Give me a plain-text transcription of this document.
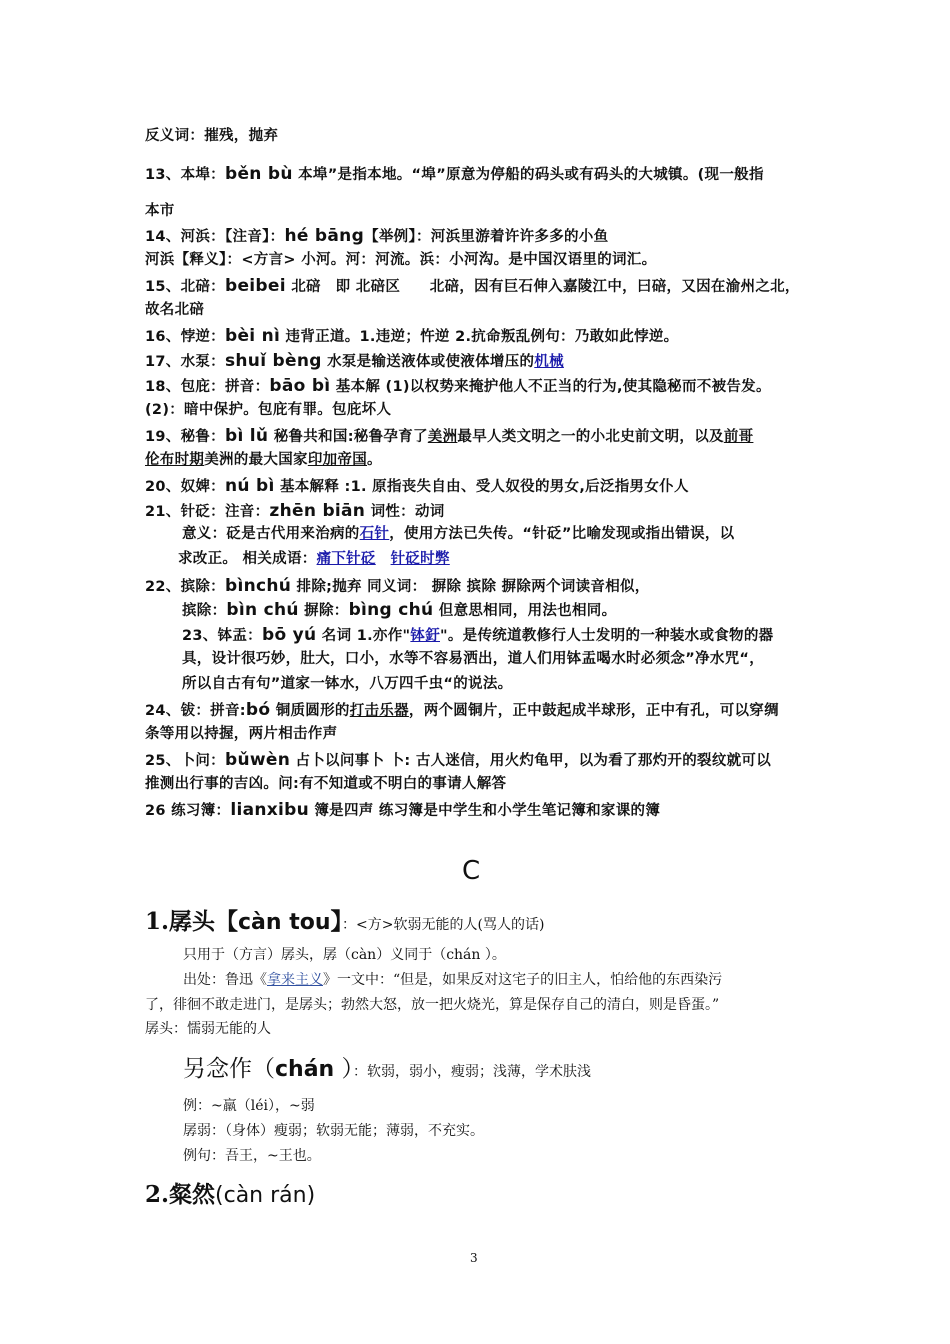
反义词：摧残，抛弃
13、本埠：běn bù 本埠”是指本地。“埠”原意为停船的码头或有码头的大城镇。(现一般指
本市
14、河浜：【注音】：hé bāng【举例】：河浜里游着许许多多的小鱼
河浜【释义】：<方言> 小河。河：河流。浜：小河沟。是中国汉语里的词汇。
15、北碚：beibei 北碚　即 北碚区　　北碚，因有巨石伸入嘉陵江中，曰碚，又因在渝州之北，
故名北碚
16、悖逆：bèi nì 违背正道。1.违逆；忤逆 2.抗命叛乱例句：乃敢如此悖逆。
17、水泵：shuǐ bèng 水泵是输送液体或使液体增压的机械
18、包庇：拼音：bāo bì 基本解 (1)以权势来掩护他人不正当的行为,使其隐秘而不被告发。
(2)：暗中保护。包庇有罪。包庇坏人
19、秘鲁：bì lǔ 秘鲁共和国:秘鲁孕育了美洲最早人类文明之一的小北史前文明，以及前哥
伦布时期美洲的最大国家印加帝国。
20、奴婢：nú bì 基本解释 :1. 原指丧失自由、受人奴役的男女,后泛指男女仆人
21、针砭：注音：zhēn biān 词性：动词
意义：砭是古代用来治病的石针，使用方法已失传。“针砭”比喻发现或指出错误，以
求改正。 相关成语：痛下针砭　 针砭时弊
22、摈除：bìnchú 排除;抛弃 同义词： 摒除 摈除 摒除两个词读音相似，
摈除：bìn chú 摒除：bìng chú 但意思相同，用法也相同。
23、钵盂：bō yú 名词 1.亦作"钵釪"。是传统道教修行人士发明的一种装水或食物的器
具，设计很巧妙，肚大，口小，水等不容易洒出，道人们用钵盂喝水时必须念”净水咒“，
所以自古有句”道家一钵水，八万四千虫“的说法。
24、钹：拼音:bó 铜质圆形的打击乐器，两个圆铜片，正中鼓起成半球形，正中有孔，可以穿绸
条等用以持握，两片相击作声
25、卜问：bǔwèn 占卜以问事卜 卜: 古人迷信，用火灼龟甲，以为看了那灼开的裂纹就可以
推测出行事的吉凶。问:有不知道或不明白的事请人解答
26 练习簿：lianxibu 簿是四声 练习簿是中学生和小学生笔记簿和家课的簿
C
1.孱头【càn tou】：<方>软弱无能的人(骂人的话)
只用于（方言）孱头，孱（càn）义同于（chán ）。
出处：鲁迅《拿来主义》一文中：“但是，如果反对这宅子的旧主人，怕给他的东西染污
了，徘徊不敢走进门，是孱头；勃然大怒，放一把火烧光，算是保存自己的清白，则是昏蛋。”
孱头：懦弱无能的人
另念作（chán ）：软弱，弱小，瘦弱；浅薄，学术肤浅
例：~羸（léi），~弱
孱弱：（身体）瘦弱；软弱无能；薄弱，不充实。
例句：吾王，~王也。
2.粲然(càn rán)
3
